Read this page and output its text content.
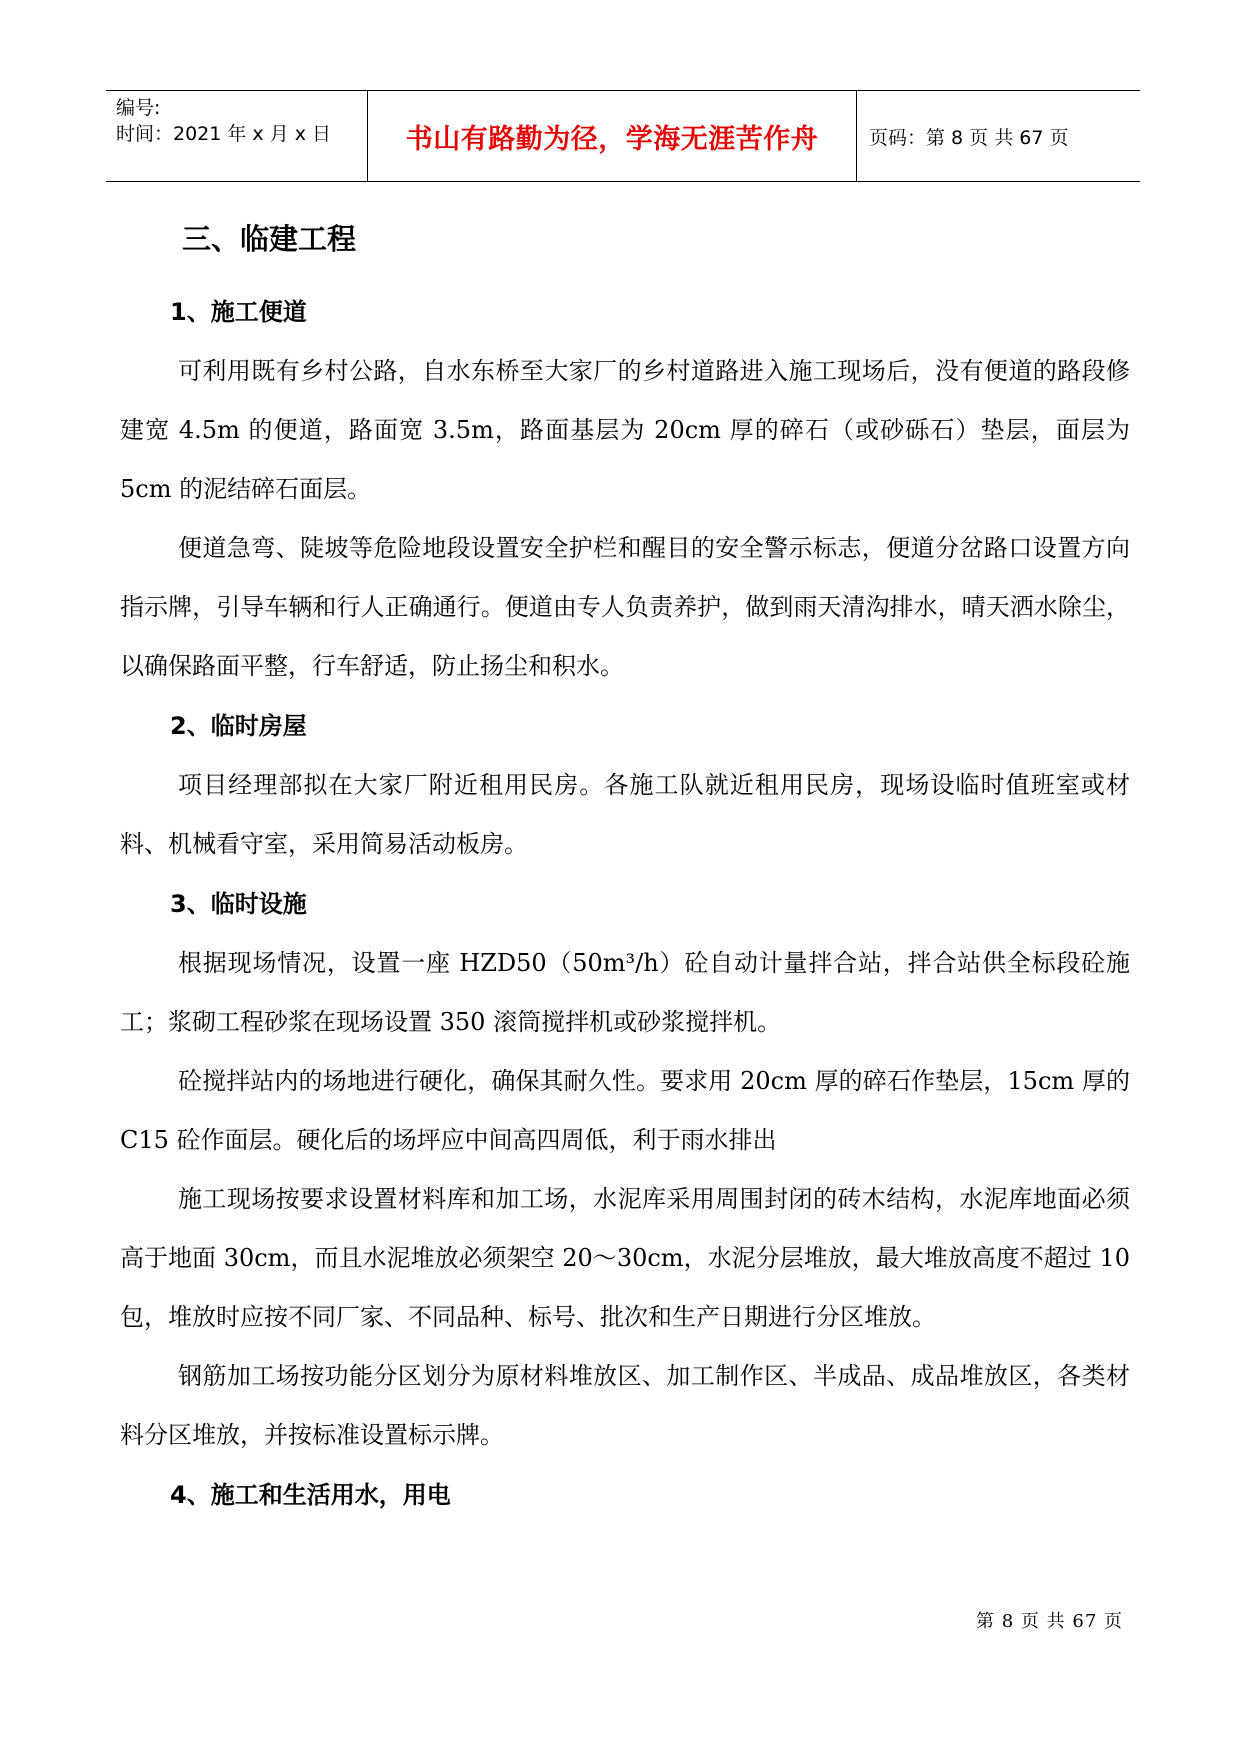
编号:
时间：2021 年 x 月 x 日	书山有路勤为径，学海无涯苦作舟	页码：第 8 页 共 67 页
三、临建工程
1、施工便道

可利用既有乡村公路，自水东桥至大家厂的乡村道路进入施工现场后，没有便道的路段修建宽 4.5m 的便道，路面宽 3.5m，路面基层为 20cm 厚的碎石（或砂砾石）垫层，面层为 5cm 的泥结碎石面层。

便道急弯、陡坡等危险地段设置安全护栏和醒目的安全警示标志，便道分岔路口设置方向指示牌，引导车辆和行人正确通行。便道由专人负责养护，做到雨天清沟排水，晴天洒水除尘，以确保路面平整，行车舒适，防止扬尘和积水。

2、临时房屋

项目经理部拟在大家厂附近租用民房。各施工队就近租用民房，现场设临时值班室或材料、机械看守室，采用简易活动板房。

3、临时设施

根据现场情况，设置一座 HZD50（50m³/h）砼自动计量拌合站，拌合站供全标段砼施工；浆砌工程砂浆在现场设置 350 滚筒搅拌机或砂浆搅拌机。

砼搅拌站内的场地进行硬化，确保其耐久性。要求用 20cm 厚的碎石作垫层，15cm 厚的 C15 砼作面层。硬化后的场坪应中间高四周低，利于雨水排出

施工现场按要求设置材料库和加工场，水泥库采用周围封闭的砖木结构，水泥库地面必须高于地面 30cm，而且水泥堆放必须架空 20～30cm，水泥分层堆放，最大堆放高度不超过 10 包，堆放时应按不同厂家、不同品种、标号、批次和生产日期进行分区堆放。

钢筋加工场按功能分区划分为原材料堆放区、加工制作区、半成品、成品堆放区，各类材料分区堆放，并按标准设置标示牌。

4、施工和生活用水，用电
第 8 页 共 67 页
